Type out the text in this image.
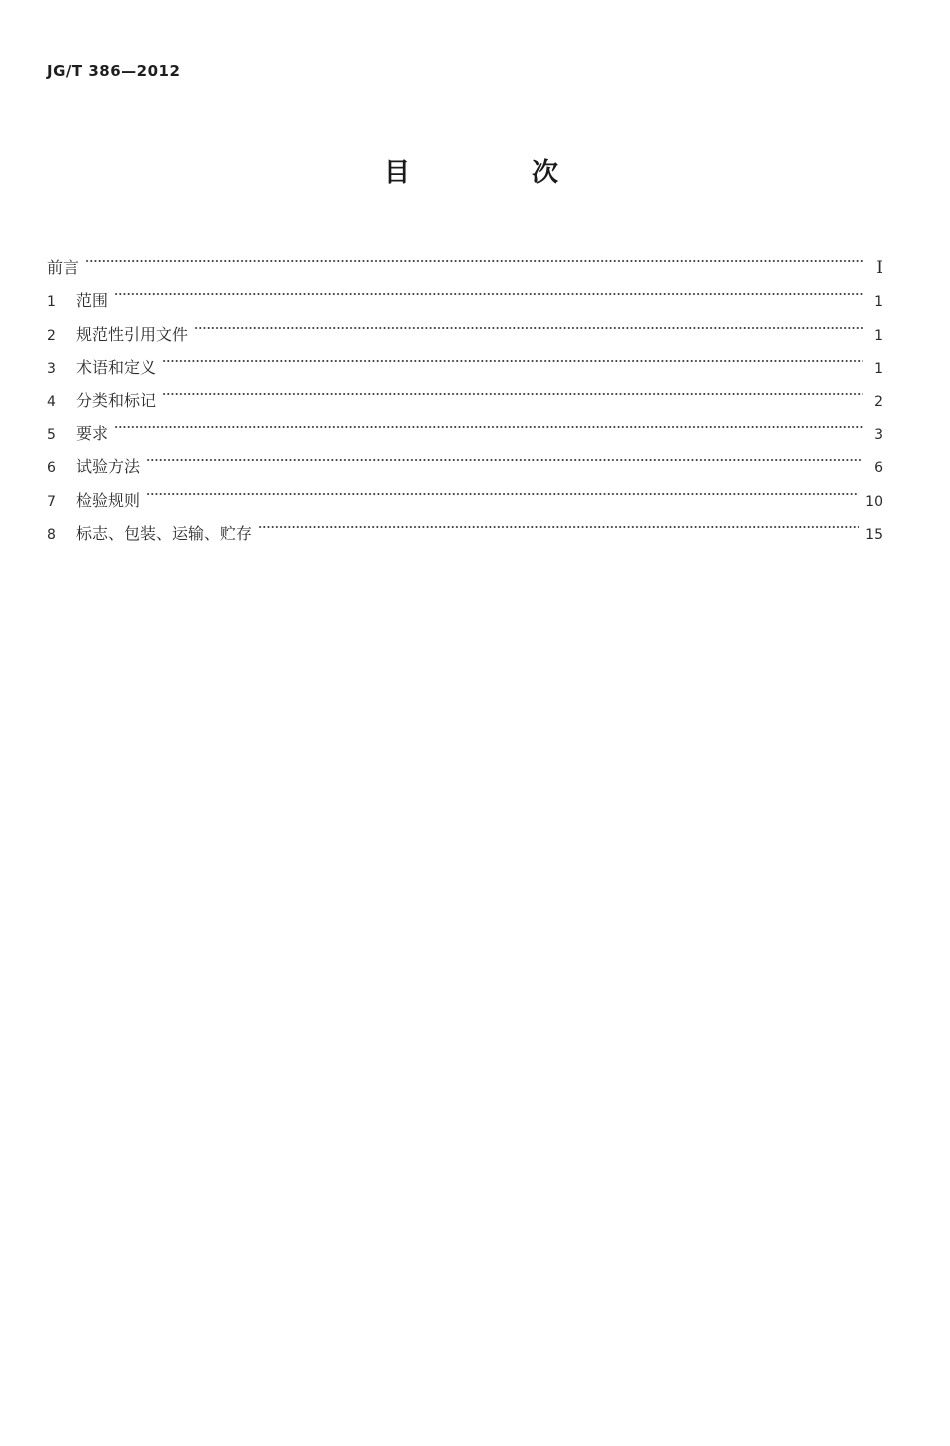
JG/T 386—2012
目　次
前言	I
1	范围	1
2	规范性引用文件	1
3	术语和定义	1
4	分类和标记	2
5	要求	3
6	试验方法	6
7	检验规则	10
8	标志、包装、运输、贮存	15
